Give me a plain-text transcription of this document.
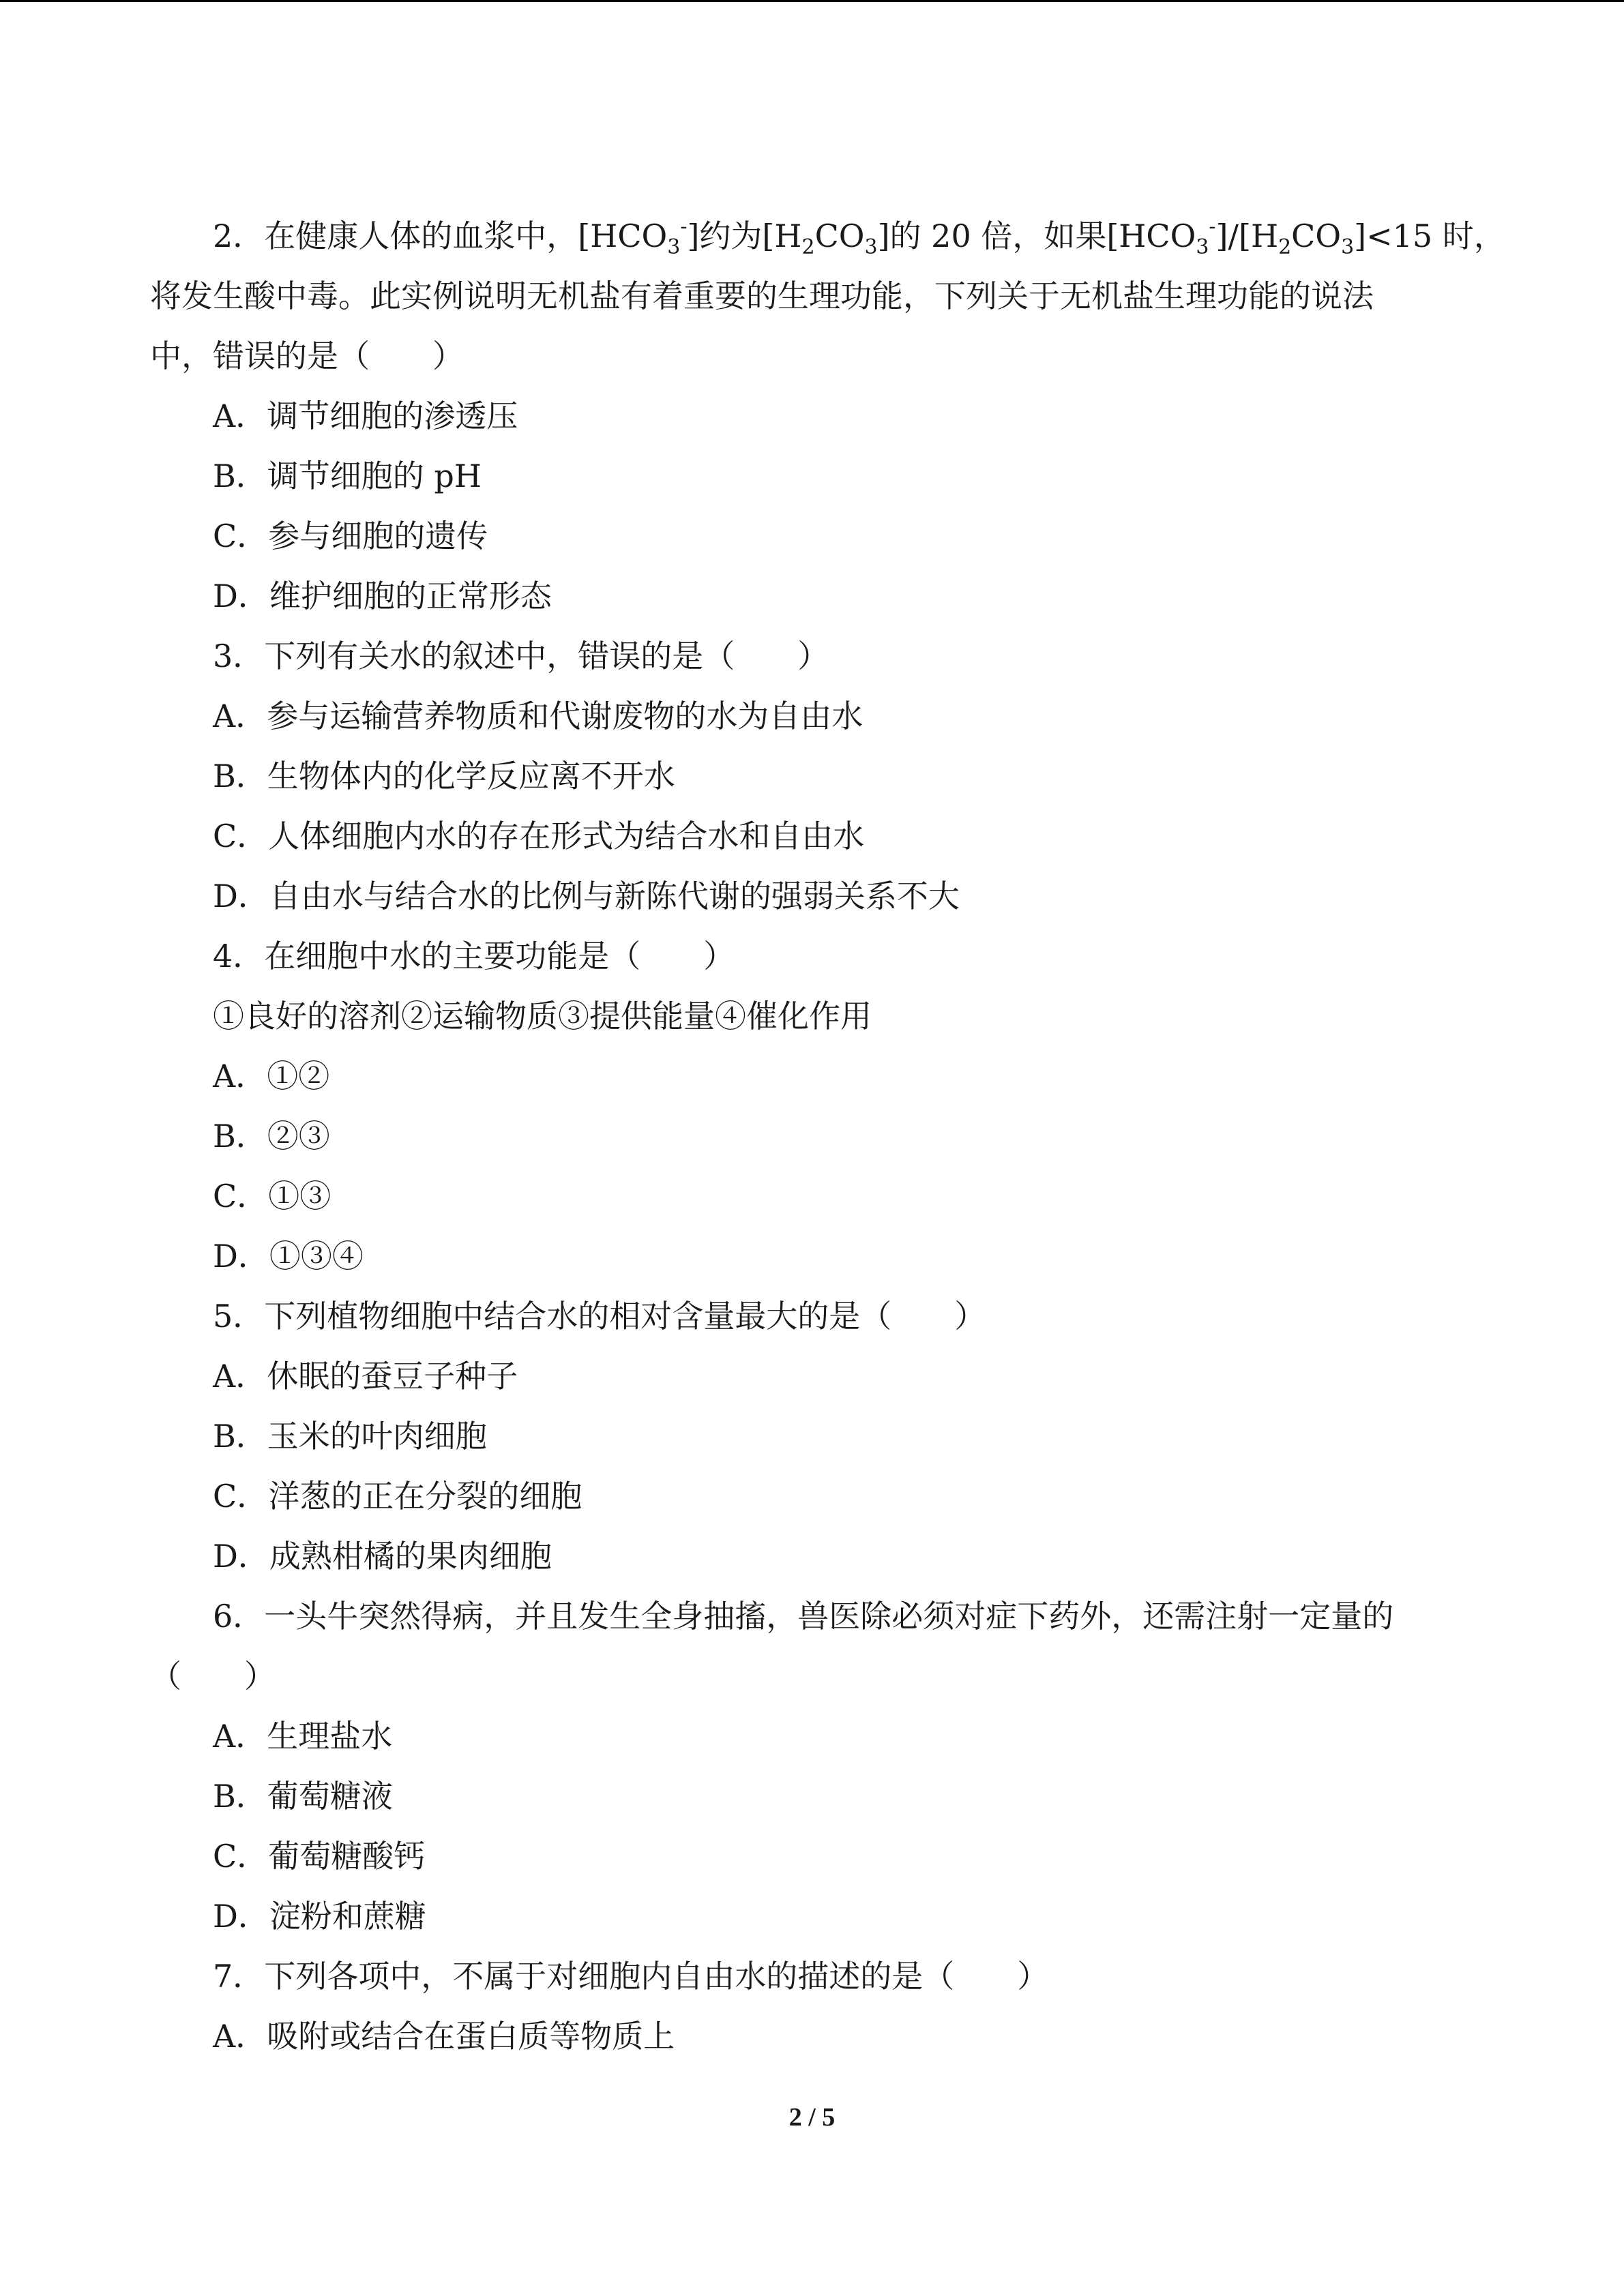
2．在健康人体的血浆中，$[HCO_3^-]$约为$[H_2CO_3]$的 20 倍，如果$[HCO_3^-]/[H_2CO_3]<15$ 时，
将发生酸中毒。此实例说明无机盐有着重要的生理功能，下列关于无机盐生理功能的说法
中，错误的是（　　）
A．调节细胞的渗透压
B．调节细胞的 pH
C．参与细胞的遗传
D．维护细胞的正常形态
3．下列有关水的叙述中，错误的是（　　）
A．参与运输营养物质和代谢废物的水为自由水
B．生物体内的化学反应离不开水
C．人体细胞内水的存在形式为结合水和自由水
D．自由水与结合水的比例与新陈代谢的强弱关系不大
4．在细胞中水的主要功能是（　　）
①良好的溶剂②运输物质③提供能量④催化作用
A．①②
B．②③
C．①③
D．①③④
5．下列植物细胞中结合水的相对含量最大的是（　　）
A．休眠的蚕豆子种子
B．玉米的叶肉细胞
C．洋葱的正在分裂的细胞
D．成熟柑橘的果肉细胞
6．一头牛突然得病，并且发生全身抽搐，兽医除必须对症下药外，还需注射一定量的
（　　）
A．生理盐水
B．葡萄糖液
C．葡萄糖酸钙
D．淀粉和蔗糖
7．下列各项中，不属于对细胞内自由水的描述的是（　　）
A．吸附或结合在蛋白质等物质上
2 / 5
